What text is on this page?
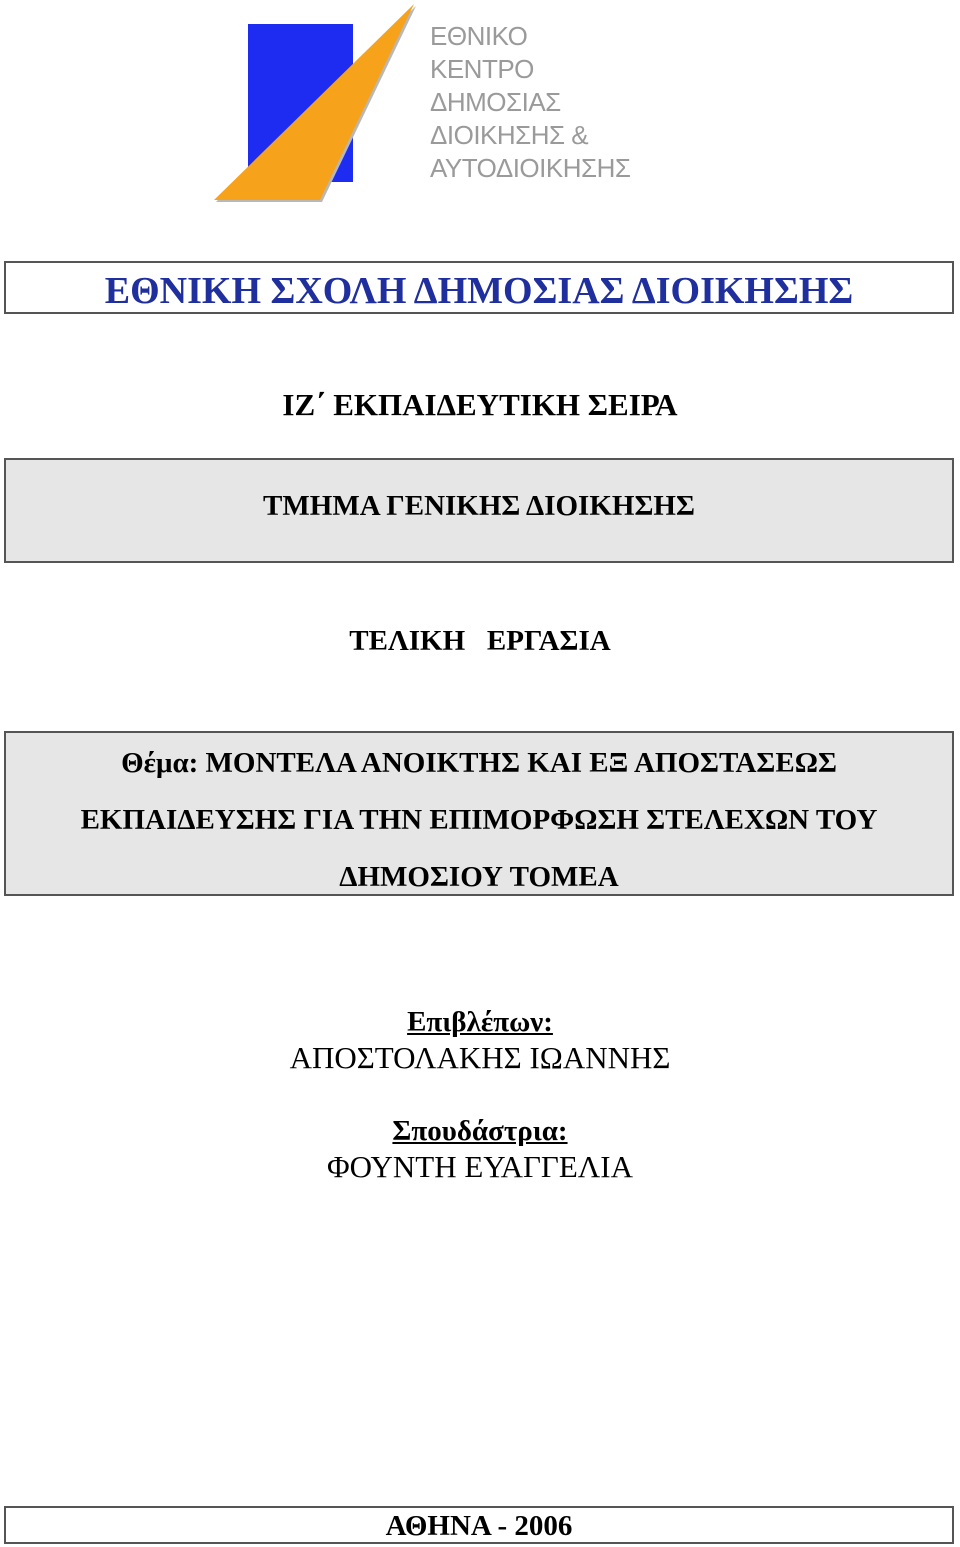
ΕΘΝΙΚΟ
ΚΕΝΤΡΟ
ΔΗΜΟΣΙΑΣ
ΔΙΟΙΚΗΣΗΣ &
ΑΥΤΟΔΙΟΙΚΗΣΗΣ
ΕΘΝΙΚΗ ΣΧΟΛΗ ΔΗΜΟΣΙΑΣ ΔΙΟΙΚΗΣΗΣ
ΙΖ΄ ΕΚΠΑΙΔΕΥΤΙΚΗ ΣΕΙΡΑ
ΤΜΗΜΑ ΓΕΝΙΚΗΣ ΔΙΟΙΚΗΣΗΣ
ΤΕΛΙΚΗ   ΕΡΓΑΣΙΑ
Θέμα: ΜΟΝΤΕΛΑ ΑΝΟΙΚΤΗΣ ΚΑΙ ΕΞ ΑΠΟΣΤΑΣΕΩΣ
ΕΚΠΑΙΔΕΥΣΗΣ ΓΙΑ ΤΗΝ ΕΠΙΜΟΡΦΩΣΗ ΣΤΕΛΕΧΩΝ ΤΟΥ
ΔΗΜΟΣΙΟΥ ΤΟΜΕΑ
Επιβλέπων:
ΑΠΟΣΤΟΛΑΚΗΣ ΙΩΑΝΝΗΣ
Σπουδάστρια:
ΦΟΥΝΤΗ ΕΥΑΓΓΕΛΙΑ
ΑΘΗΝΑ - 2006
